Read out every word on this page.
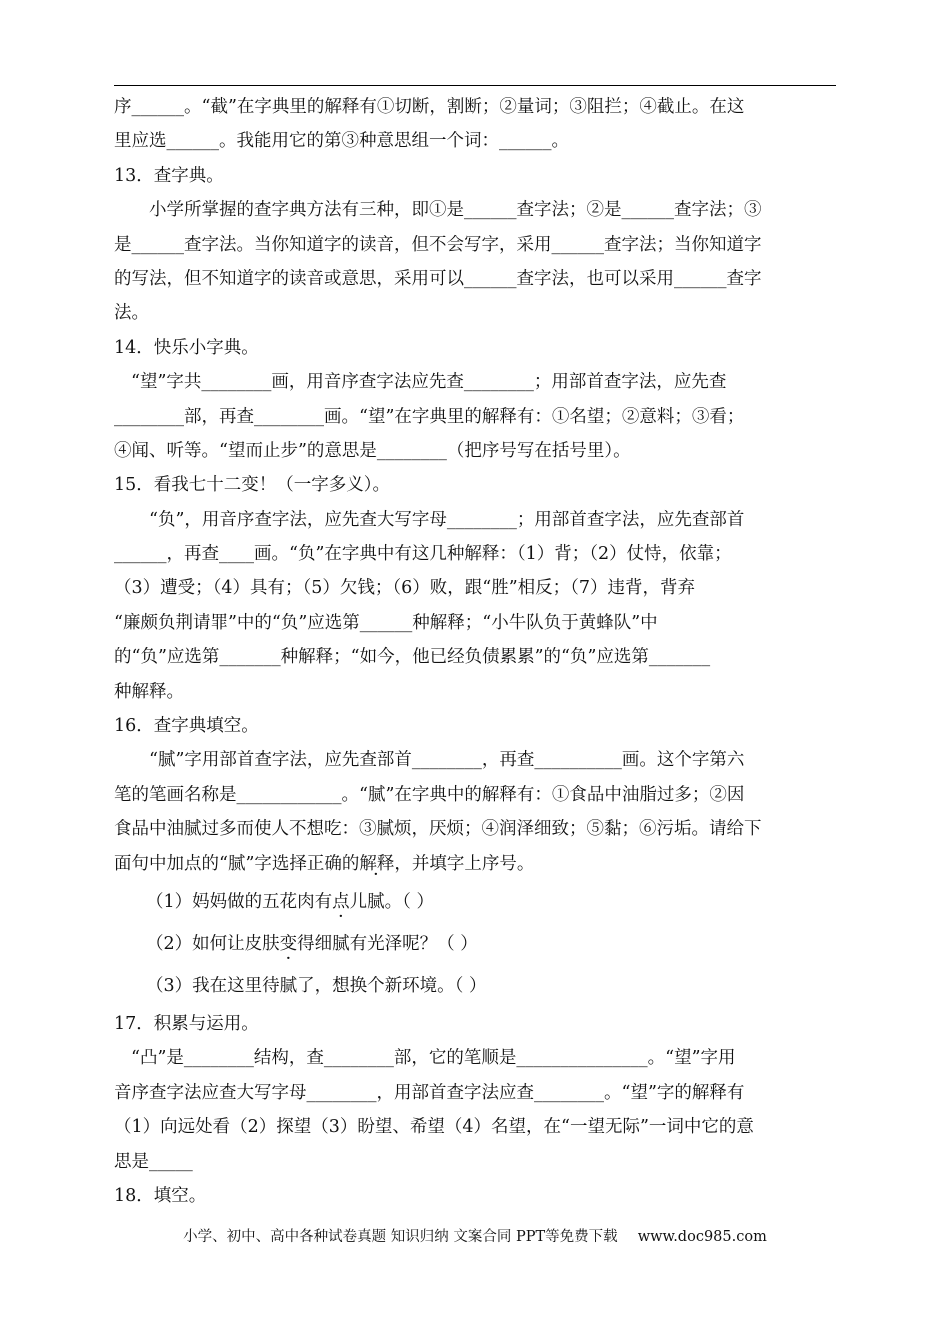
序______。“截”在字典里的解释有①切断，割断；②量词；③阻拦；④截止。在这
里应选______。我能用它的第③种意思组一个词：______。
13．查字典。
小学所掌握的查字典方法有三种，即①是______查字法；②是______查字法；③
是______查字法。当你知道字的读音，但不会写字，采用______查字法；当你知道字
的写法，但不知道字的读音或意思，采用可以______查字法，也可以采用______查字
法。
14．快乐小字典。
“望”字共________画，用音序查字法应先查________；用部首查字法，应先查
________部，再查________画。“望”在字典里的解释有：①名望；②意料；③看；
④闻、听等。“望而止步”的意思是________（把序号写在括号里）。
15．看我七十二变！（一字多义）。
“负”，用音序查字法，应先查大写字母________；用部首查字法，应先查部首
______，再查____画。“负”在字典中有这几种解释：（1）背；（2）仗恃，依靠；
（3）遭受；（4）具有；（5）欠钱；（6）败，跟“胜”相反；（7）违背，背弃
“廉颇负荆请罪”中的“负”应选第______种解释；“小牛队负于黄蜂队”中
的“负”应选第_______种解释；“如今，他已经负债累累”的“负”应选第_______
种解释。
16．查字典填空。
“腻”字用部首查字法，应先查部首________，再查__________画。这个字第六
笔的笔画名称是____________。“腻”在字典中的解释有：①食品中油脂过多；②因
食品中油腻过多而使人不想吃：③腻烦，厌烦；④润泽细致；⑤黏；⑥污垢。请给下
面句中加点的“腻”字选择正确的解释，并填字上序号。
（1）妈妈做的五花肉有点儿腻。（ ）
（2）如何让皮肤变得细腻有光泽呢？（ ）
（3）我在这里待腻了，想换个新环境。（ ）
17．积累与运用。
“凸”是________结构，查________部，它的笔顺是_______________。“望”字用
音序查字法应查大写字母________，用部首查字法应查________。“望”字的解释有
（1）向远处看（2）探望（3）盼望、希望（4）名望，在“一望无际”一词中它的意
思是_____
18．填空。
小学、初中、高中各种试卷真题 知识归纳 文案合同 PPT等免费下载 www.doc985.com
